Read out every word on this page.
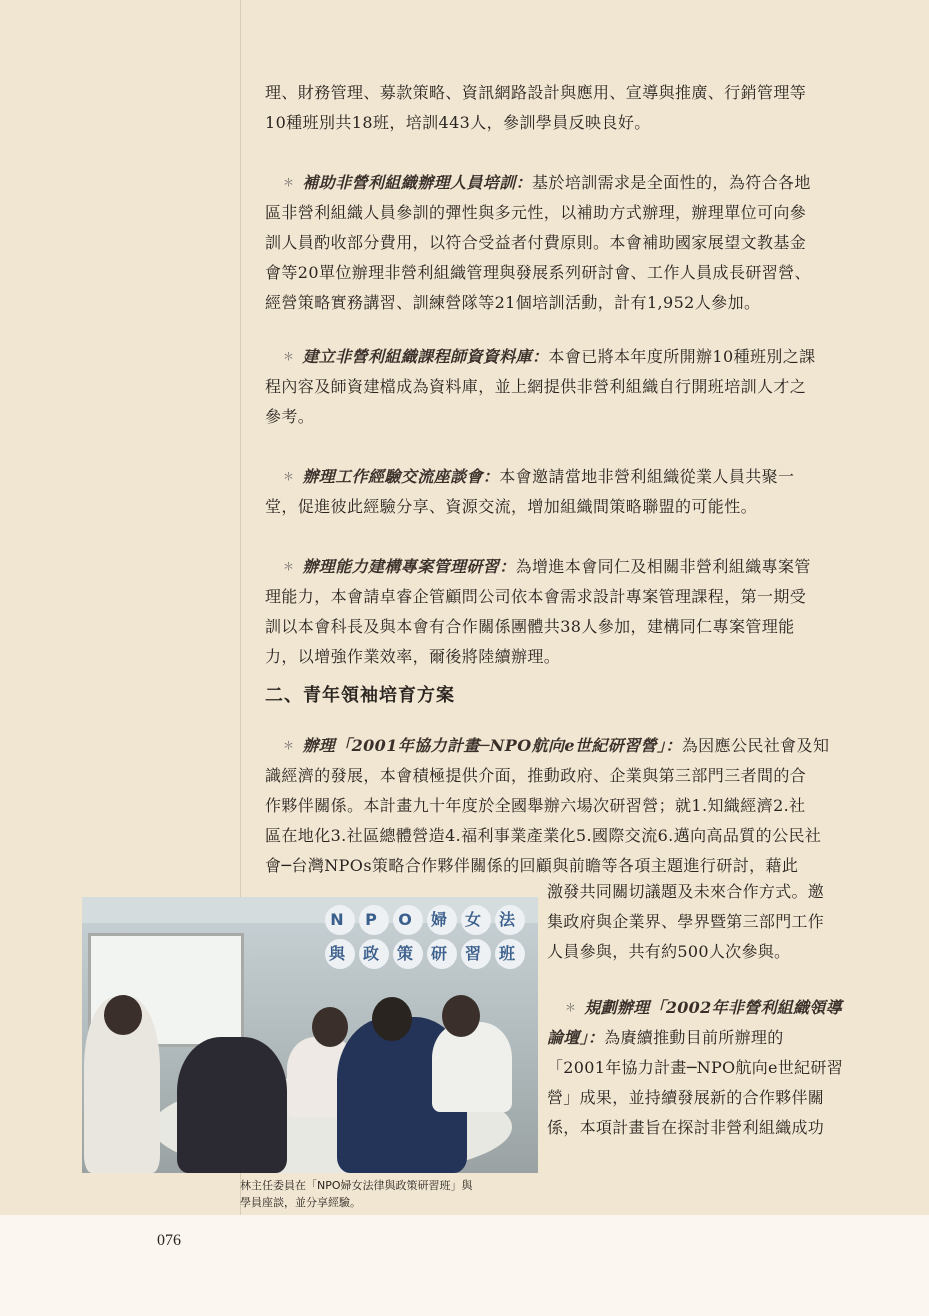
理、財務管理、募款策略、資訊網路設計與應用、宣導與推廣、行銷管理等
10種班別共18班，培訓443人，參訓學員反映良好。
＊ 補助非營利組織辦理人員培訓：基於培訓需求是全面性的，為符合各地
區非營利組織人員參訓的彈性與多元性，以補助方式辦理，辦理單位可向參
訓人員酌收部分費用，以符合受益者付費原則。本會補助國家展望文教基金
會等20單位辦理非營利組織管理與發展系列研討會、工作人員成長研習營、
經營策略實務講習、訓練營隊等21個培訓活動，計有1,952人參加。
＊ 建立非營利組織課程師資資料庫：本會已將本年度所開辦10種班別之課
程內容及師資建檔成為資料庫，並上網提供非營利組織自行開班培訓人才之
參考。
＊ 辦理工作經驗交流座談會：本會邀請當地非營利組織從業人員共聚一
堂，促進彼此經驗分享、資源交流，增加組織間策略聯盟的可能性。
＊ 辦理能力建構專案管理研習：為增進本會同仁及相關非營利組織專案管
理能力，本會請卓睿企管顧問公司依本會需求設計專案管理課程，第一期受
訓以本會科長及與本會有合作關係團體共38人參加，建構同仁專案管理能
力，以增強作業效率，爾後將陸續辦理。
二、青年領袖培育方案
＊ 辦理「2001年協力計畫─NPO航向e世紀研習營」：為因應公民社會及知
識經濟的發展，本會積極提供介面，推動政府、企業與第三部門三者間的合
作夥伴關係。本計畫九十年度於全國舉辦六場次研習營；就1.知織經濟2.社
區在地化3.社區總體營造4.福利事業產業化5.國際交流6.邁向高品質的公民社
會─台灣NPOs策略合作夥伴關係的回顧與前瞻等各項主題進行研討，藉此
激發共同關切議題及未來合作方式。邀
集政府與企業界、學界暨第三部門工作
人員參與，共有約500人次參與。
＊ 規劃辦理「2002年非營利組織領導
論壇」：為賡續推動目前所辦理的
「2001年協力計畫─NPO航向e世紀研習
營」成果，並持續發展新的合作夥伴關
係，本項計畫旨在探討非營利組織成功
N P O 婦 女 法
與 政 策 研 習 班
林主任委員在「NPO婦女法律與政策研習班」與
學員座談，並分享經驗。
076
